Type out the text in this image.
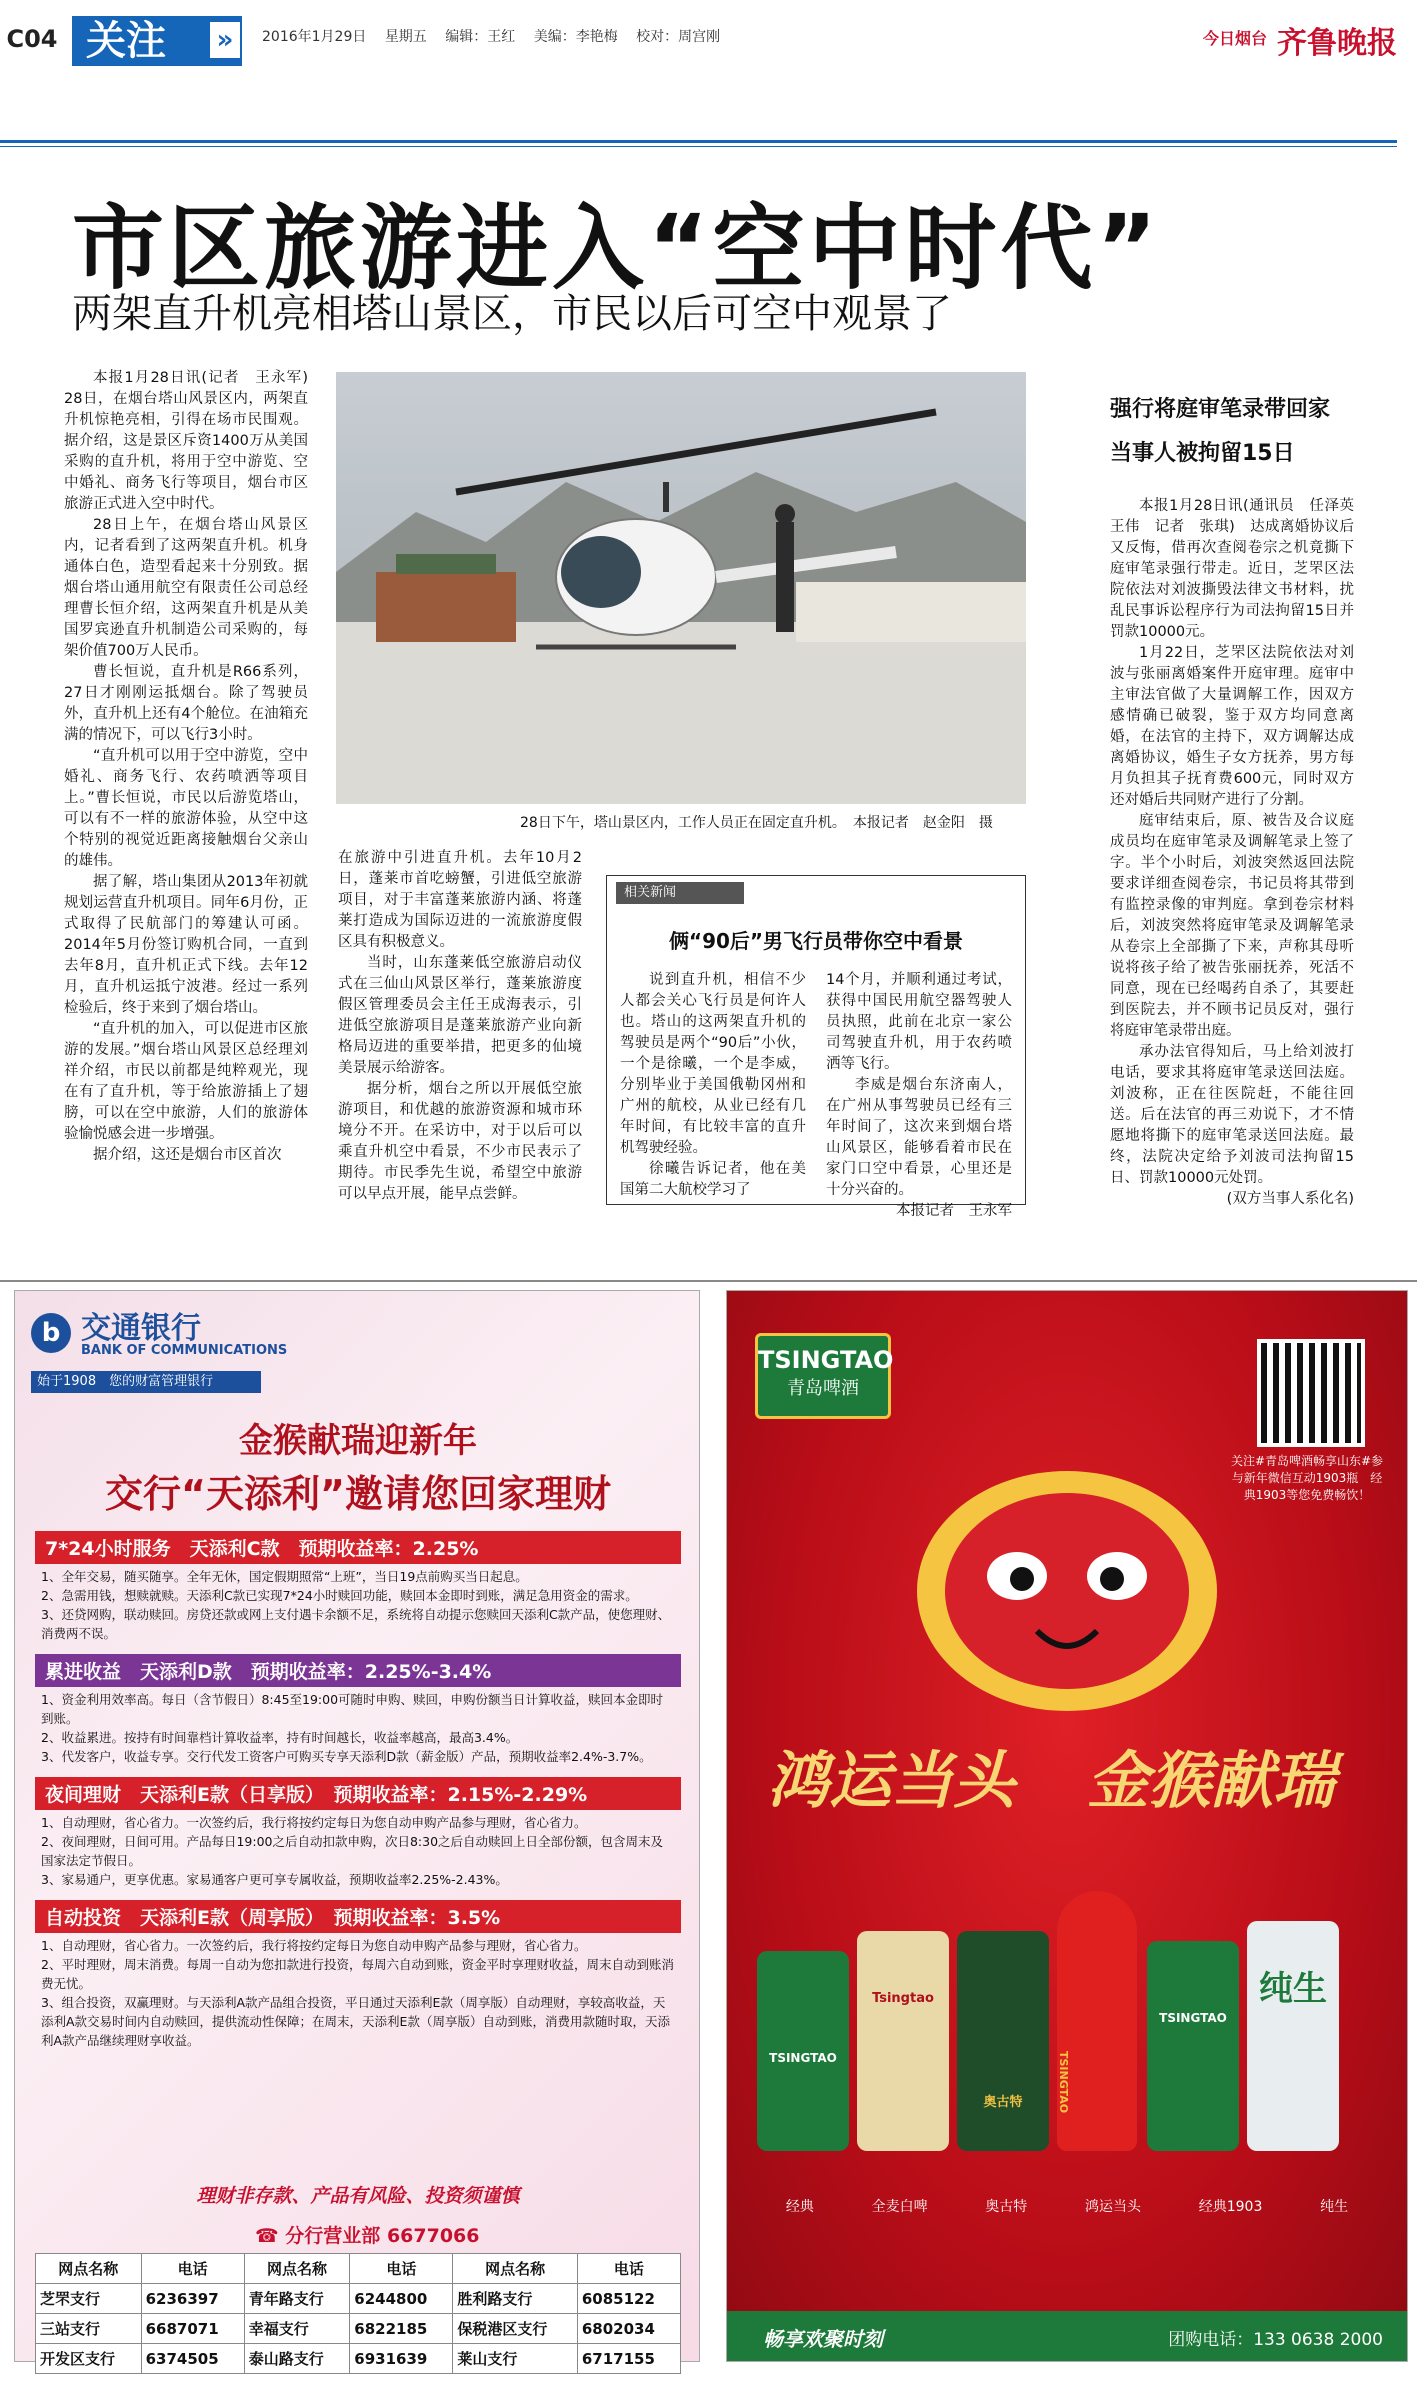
C04 关注	»	2016年1月29日 星期五 编辑：王红 美编：李艳梅 校对：周宫刚	今日烟台 齐鲁晚报
市区旅游进入“空中时代”
两架直升机亮相塔山景区，市民以后可空中观景了

本报1月28日讯(记者　王永军)　28日，在烟台塔山风景区内，两架直升机惊艳亮相，引得在场市民围观。据介绍，这是景区斥资1400万从美国采购的直升机，将用于空中游览、空中婚礼、商务飞行等项目，烟台市区旅游正式进入空中时代。

28日上午，在烟台塔山风景区内，记者看到了这两架直升机。机身通体白色，造型看起来十分别致。据烟台塔山通用航空有限责任公司总经理曹长恒介绍，这两架直升机是从美国罗宾逊直升机制造公司采购的，每架价值700万人民币。

曹长恒说，直升机是R66系列，27日才刚刚运抵烟台。除了驾驶员外，直升机上还有4个舱位。在油箱充满的情况下，可以飞行3小时。

“直升机可以用于空中游览，空中婚礼、商务飞行、农药喷洒等项目上。”曹长恒说，市民以后游览塔山，可以有不一样的旅游体验，从空中这个特别的视觉近距离接触烟台父亲山的雄伟。

据了解，塔山集团从2013年初就规划运营直升机项目。同年6月份，正式取得了民航部门的筹建认可函。2014年5月份签订购机合同，一直到去年8月，直升机正式下线。去年12月，直升机运抵宁波港。经过一系列检验后，终于来到了烟台塔山。

“直升机的加入，可以促进市区旅游的发展。”烟台塔山风景区总经理刘祥介绍，市民以前都是纯粹观光，现在有了直升机，等于给旅游插上了翅膀，可以在空中旅游，人们的旅游体验愉悦感会进一步增强。

据介绍，这还是烟台市区首次

28日下午，塔山景区内，工作人员正在固定直升机。　本报记者　赵金阳　摄

在旅游中引进直升机。去年10月2日，蓬莱市首吃螃蟹，引进低空旅游项目，对于丰富蓬莱旅游内涵、将蓬莱打造成为国际迈进的一流旅游度假区具有积极意义。

当时，山东蓬莱低空旅游启动仪式在三仙山风景区举行，蓬莱旅游度假区管理委员会主任王成海表示，引进低空旅游项目是蓬莱旅游产业向新格局迈进的重要举措，把更多的仙境美景展示给游客。

据分析，烟台之所以开展低空旅游项目，和优越的旅游资源和城市环境分不开。在采访中，对于以后可以乘直升机空中看景，不少市民表示了期待。市民季先生说，希望空中旅游可以早点开展，能早点尝鲜。

相关新闻
俩“90后”男飞行员带你空中看景

说到直升机，相信不少人都会关心飞行员是何许人也。塔山的这两架直升机的驾驶员是两个“90后”小伙，一个是徐曦，一个是李威，分别毕业于美国俄勒冈州和广州的航校，从业已经有几年时间，有比较丰富的直升机驾驶经验。

徐曦告诉记者，他在美国第二大航校学习了

14个月，并顺利通过考试，获得中国民用航空器驾驶人员执照，此前在北京一家公司驾驶直升机，用于农药喷洒等飞行。

李威是烟台东济南人，在广州从事驾驶员已经有三年时间了，这次来到烟台塔山风景区，能够看着市民在家门口空中看景，心里还是十分兴奋的。

本报记者　王永军

强行将庭审笔录带回家
当事人被拘留15日

本报1月28日讯(通讯员　任泽英　王伟　记者　张琪)　达成离婚协议后又反悔，借再次查阅卷宗之机竟撕下庭审笔录强行带走。近日，芝罘区法院依法对刘波撕毁法律文书材料，扰乱民事诉讼程序行为司法拘留15日并罚款10000元。

1月22日，芝罘区法院依法对刘波与张丽离婚案件开庭审理。庭审中主审法官做了大量调解工作，因双方感情确已破裂，鉴于双方均同意离婚，在法官的主持下，双方调解达成离婚协议，婚生子女方抚养，男方每月负担其子抚育费600元，同时双方还对婚后共同财产进行了分割。

庭审结束后，原、被告及合议庭成员均在庭审笔录及调解笔录上签了字。半个小时后，刘波突然返回法院要求详细查阅卷宗，书记员将其带到有监控录像的审判庭。拿到卷宗材料后，刘波突然将庭审笔录及调解笔录从卷宗上全部撕了下来，声称其母听说将孩子给了被告张丽抚养，死活不同意，现在已经喝药自杀了，其要赶到医院去，并不顾书记员反对，强行将庭审笔录带出庭。

承办法官得知后，马上给刘波打电话，要求其将庭审笔录送回法庭。刘波称，正在往医院赶，不能往回送。后在法官的再三劝说下，才不情愿地将撕下的庭审笔录送回法庭。最终，法院决定给予刘波司法拘留15日、罚款10000元处罚。

(双方当事人系化名)

b 交通银行
BANK OF COMMUNICATIONS
始于1908　 您的财富管理银行
金猴献瑞迎新年
交行“天添利”邀请您回家理财
7*24小时服务　天添利C款　预期收益率：2.25%
1、全年交易，随买随享。全年无休，国定假期照常“上班”，当日19点前购买当日起息。
2、急需用钱，想赎就赎。天添利C款已实现7*24小时赎回功能，赎回本金即时到账，满足急用资金的需求。
3、还贷网购，联动赎回。房贷还款或网上支付遇卡余额不足，系统将自动提示您赎回天添利C款产品，使您理财、消费两不误。
累进收益　天添利D款　预期收益率：2.25%-3.4%
1、资金利用效率高。每日（含节假日）8:45至19:00可随时申购、赎回，申购份额当日计算收益，赎回本金即时到账。
2、收益累进。按持有时间靠档计算收益率，持有时间越长，收益率越高，最高3.4%。
3、代发客户，收益专享。交行代发工资客户可购买专享天添利D款（薪金版）产品，预期收益率2.4%-3.7%。
夜间理财　天添利E款（日享版）　预期收益率：2.15%-2.29%
1、自动理财，省心省力。一次签约后，我行将按约定每日为您自动申购产品参与理财，省心省力。
2、夜间理财，日间可用。产品每日19:00之后自动扣款申购，次日8:30之后自动赎回上日全部份额，包含周末及国家法定节假日。
3、家易通户，更享优惠。家易通客户更可享专属收益，预期收益率2.25%-2.43%。
自动投资　天添利E款（周享版）　预期收益率：3.5%
1、自动理财，省心省力。一次签约后，我行将按约定每日为您自动申购产品参与理财，省心省力。
2、平时理财，周末消费。每周一自动为您扣款进行投资，每周六自动到账，资金平时享理财收益，周末自动到账消费无忧。
3、组合投资，双赢理财。与天添利A款产品组合投资，平日通过天添利E款（周享版）自动理财，享较高收益，天添利A款交易时间内自动赎回，提供流动性保障；在周末，天添利E款（周享版）自动到账，消费用款随时取，天添利A款产品继续理财享收益。
理财非存款、产品有风险、投资须谨慎
☎ 分行营业部 6677066
网点名称	电话	网点名称	电话	网点名称	电话
芝罘支行	6236397	青年路支行	6244800	胜利路支行	6085122
三站支行	6687071	幸福支行	6822185	保税港区支行	6802034
开发区支行	6374505	泰山路支行	6931639	莱山支行	6717155
TSINGTAO
青岛啤酒
关注#青岛啤酒畅享山东#参与新年微信互动1903瓶　经典1903等您免费畅饮！
鸿运当头 金猴献瑞
TSINGTAO
Tsingtao
奥古特	TSINGTAO
TSINGTAO
纯生
经典	全麦白啤	奥古特	鸿运当头	经典1903	纯生
畅享欢聚时刻	团购电话：133 0638 2000
